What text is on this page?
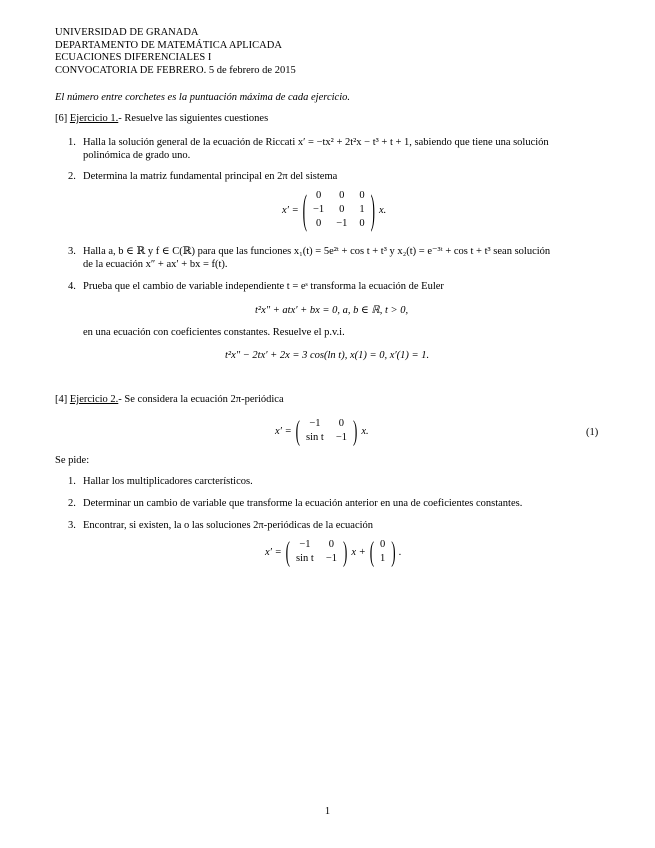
UNIVERSIDAD DE GRANADA
DEPARTAMENTO DE MATEMÁTICA APLICADA
ECUACIONES DIFERENCIALES I
CONVOCATORIA DE FEBRERO. 5 de febrero de 2015
El número entre corchetes es la puntuación máxima de cada ejercicio.
[6] Ejercicio 1.- Resuelve las siguientes cuestiones
1. Halla la solución general de la ecuación de Riccati x′ = −tx² + 2t²x − t³ + t + 1, sabiendo que tiene una solución
polinómica de grado uno.
2. Determina la matriz fundamental principal en 2π del sistema
x′ = ( 0	0	0
−1	0	1
0	−1	0 ) x.
3. Halla a, b ∈ ℝ y f ∈ C(ℝ) para que las funciones x₁(t) = 5e²ᵗ + cos t + t³ y x₂(t) = e⁻³ᵗ + cos t + t³ sean solución
de la ecuación x″ + ax′ + bx = f(t).
4. Prueba que el cambio de variable independiente t = eˢ transforma la ecuación de Euler
t²x″ + atx′ + bx = 0, a, b ∈ ℝ, t > 0,
en una ecuación con coeficientes constantes. Resuelve el p.v.i.
t²x″ − 2tx′ + 2x = 3 cos(ln t), x(1) = 0, x′(1) = 1.
[4] Ejercicio 2.- Se considera la ecuación 2π-periódica
x′ = ( −1	0
sin t	−1 ) x.	(1)
Se pide:
1. Hallar los multiplicadores carcterísticos.
2. Determinar un cambio de variable que transforme la ecuación anterior en una de coeficientes constantes.
3. Encontrar, si existen, la o las soluciones 2π-periódicas de la ecuación
x′ = ( −1	0
sin t	−1 ) x + ( 0
1 ) .
1
